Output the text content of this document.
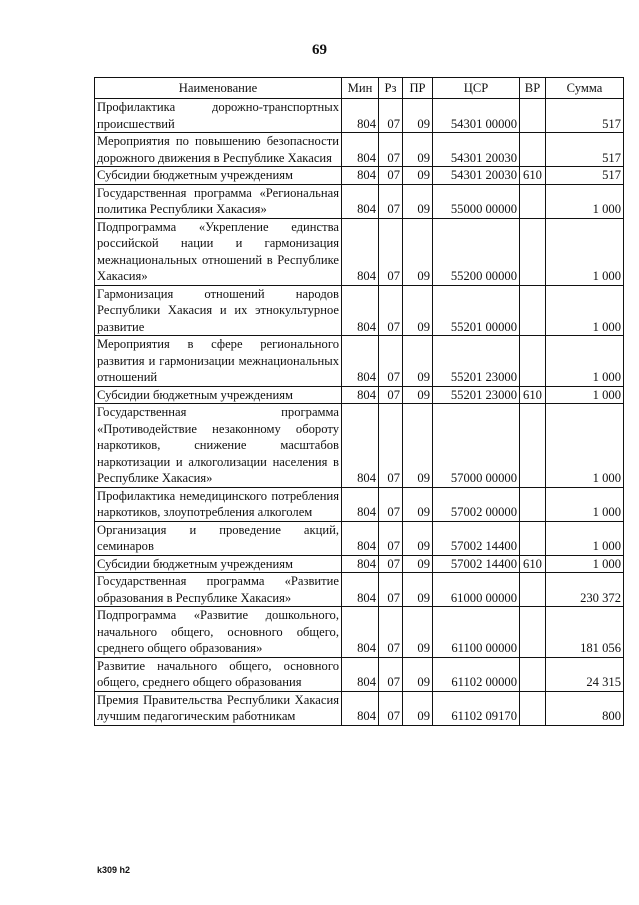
69
Наименование	Мин	Рз	ПР	ЦСР	ВР	Сумма
Профилактика дорожно-транспортных происшествий	804	07	09	54301 00000		517
Мероприятия по повышению безопасности дорожного движения в Республике Хакасия	804	07	09	54301 20030		517
Субсидии бюджетным учреждениям	804	07	09	54301 20030	610	517
Государственная программа «Региональная политика Республики Хакасия»	804	07	09	55000 00000		1 000
Подпрограмма «Укрепление единства российской нации и гармонизация межнациональных отношений в Республике Хакасия»	804	07	09	55200 00000		1 000
Гармонизация отношений народов Республики Хакасия и их этнокультурное развитие	804	07	09	55201 00000		1 000
Мероприятия в сфере регионального развития и гармонизации межнациональных отношений	804	07	09	55201 23000		1 000
Субсидии бюджетным учреждениям	804	07	09	55201 23000	610	1 000
Государственная программа «Противодействие незаконному обороту наркотиков, снижение масштабов наркотизации и алкоголизации населения в Республике Хакасия»	804	07	09	57000 00000		1 000
Профилактика немедицинского потребления наркотиков, злоупотребления алкоголем	804	07	09	57002 00000		1 000
Организация и проведение акций, семинаров	804	07	09	57002 14400		1 000
Субсидии бюджетным учреждениям	804	07	09	57002 14400	610	1 000
Государственная программа «Развитие образования в Республике Хакасия»	804	07	09	61000 00000		230 372
Подпрограмма «Развитие дошкольного, начального общего, основного общего, среднего общего образования»	804	07	09	61100 00000		181 056
Развитие начального общего, основного общего, среднего общего образования	804	07	09	61102 00000		24 315
Премия Правительства Республики Хакасия лучшим педагогическим работникам	804	07	09	61102 09170		800
k309 h2
